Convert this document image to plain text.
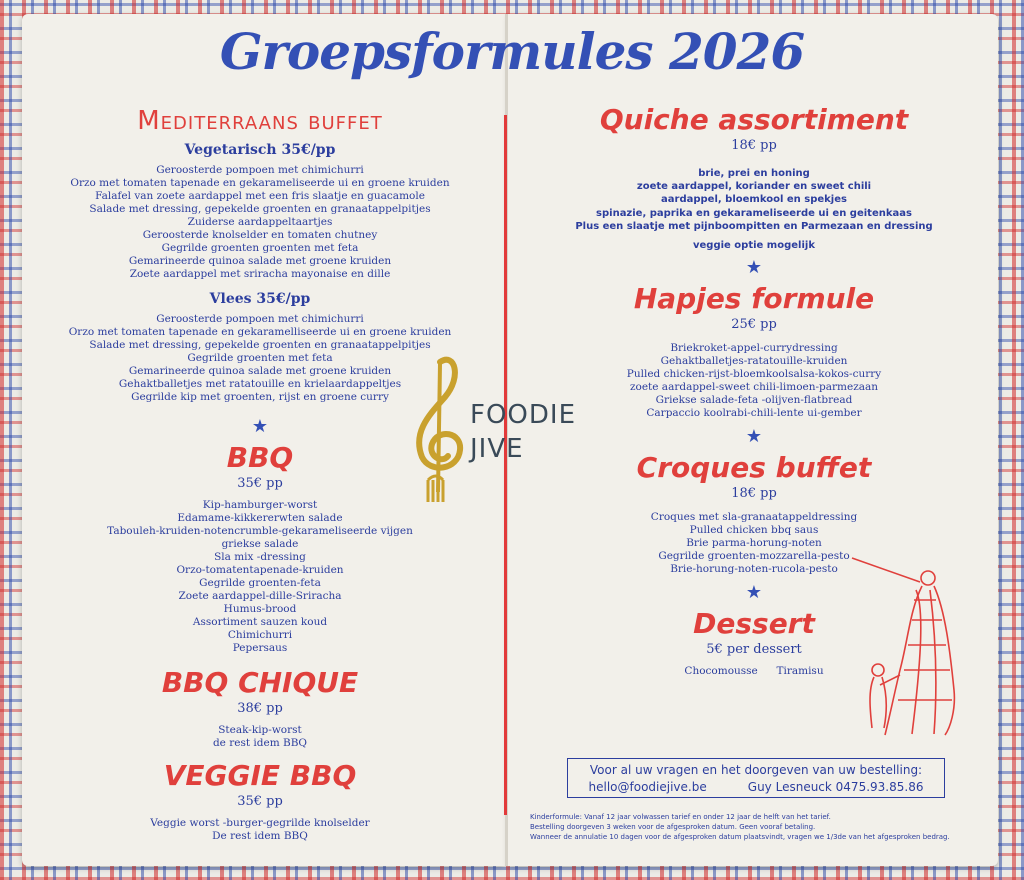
Groepsformules 2026
Mediterraans buffet
Vegetarisch 35€/pp
Geroosterde pompoen met chimichurri
Orzo met tomaten tapenade en gekarameliseerde ui en groene kruiden
Falafel van zoete aardappel met een fris slaatje en guacamole
Salade met dressing, gepekelde groenten en granaatappelpitjes
Zuiderse aardappeltaartjes
Geroosterde knolselder en tomaten chutney
Gegrilde groenten groenten met feta
Gemarineerde quinoa salade met groene kruiden
Zoete aardappel met sriracha mayonaise en dille
Vlees 35€/pp
Geroosterde pompoen met chimichurri
Orzo met tomaten tapenade en gekaramelliseerde ui en groene kruiden
Salade met dressing, gepekelde groenten en granaatappelpitjes
Gegrilde groenten met feta
Gemarineerde quinoa salade met groene kruiden
Gehaktballetjes met ratatouille en krielaardappeltjes
Gegrilde kip met groenten, rijst en groene curry
★
BBQ
35€ pp
Kip-hamburger-worst
Edamame-kikkererwten salade
Tabouleh-kruiden-notencrumble-gekarameliseerde vijgen
griekse salade
Sla mix -dressing
Orzo-tomatentapenade-kruiden
Gegrilde groenten-feta
Zoete aardappel-dille-Sriracha
Humus-brood
Assortiment sauzen koud
Chimichurri
Pepersaus
BBQ CHIQUE
38€ pp
Steak-kip-worst
de rest idem BBQ
VEGGIE BBQ
35€ pp
Veggie worst -burger-gegrilde knolselder
De rest idem BBQ
Quiche assortiment
18€ pp
brie, prei en honing
zoete aardappel, koriander en sweet chili
aardappel, bloemkool en spekjes
spinazie, paprika en gekarameliseerde ui en geitenkaas
Plus een slaatje met pijnboompitten en Parmezaan en dressing
veggie optie mogelijk
★
Hapjes formule
25€ pp
Briekroket-appel-currydressing
Gehaktballetjes-ratatouille-kruiden
Pulled chicken-rijst-bloemkoolsalsa-kokos-curry
zoete aardappel-sweet chili-limoen-parmezaan
Griekse salade-feta -olijven-flatbread
Carpaccio koolrabi-chili-lente ui-gember
★
Croques buffet
18€ pp
Croques met sla-granaatappeldressing
Pulled chicken bbq saus
Brie parma-horung-noten
Gegrilde groenten-mozzarella-pesto
Brie-horung-noten-rucola-pesto
★
Dessert
5€ per dessert
Chocomousse Tiramisu
FOODIE
JIVE
Voor al uw vragen en het doorgeven van uw bestelling:
hello@foodiejive.be	Guy Lesneuck 0475.93.85.86
Kinderformule: Vanaf 12 jaar volwassen tarief en onder 12 jaar de helft van het tarief.
Bestelling doorgeven 3 weken voor de afgesproken datum. Geen vooraf betaling.
Wanneer de annulatie 10 dagen voor de afgesproken datum plaatsvindt, vragen we 1/3de van het afgesproken bedrag.
